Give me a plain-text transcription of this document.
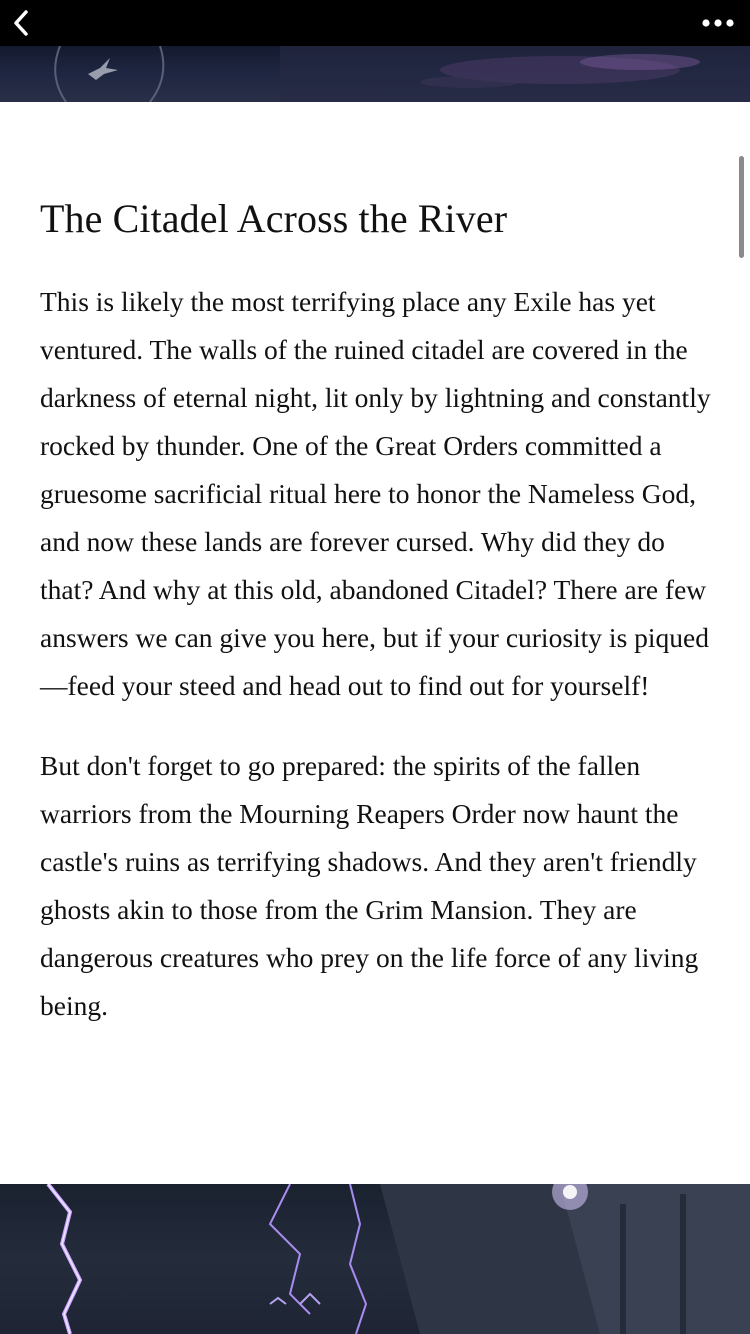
The Citadel Across the River

This is likely the most terrifying place any Exile has yet ventured. The walls of the ruined citadel are covered in the darkness of eternal night, lit only by lightning and constantly rocked by thunder. One of the Great Orders committed a gruesome sacrificial ritual here to honor the Nameless God, and now these lands are forever cursed. Why did they do that? And why at this old, abandoned Citadel? There are few answers we can give you here, but if your curiosity is piqued—feed your steed and head out to find out for yourself!

But don't forget to go prepared: the spirits of the fallen warriors from the Mourning Reapers Order now haunt the castle's ruins as terrifying shadows. And they aren't friendly ghosts akin to those from the Grim Mansion. They are dangerous creatures who prey on the life force of any living being.
